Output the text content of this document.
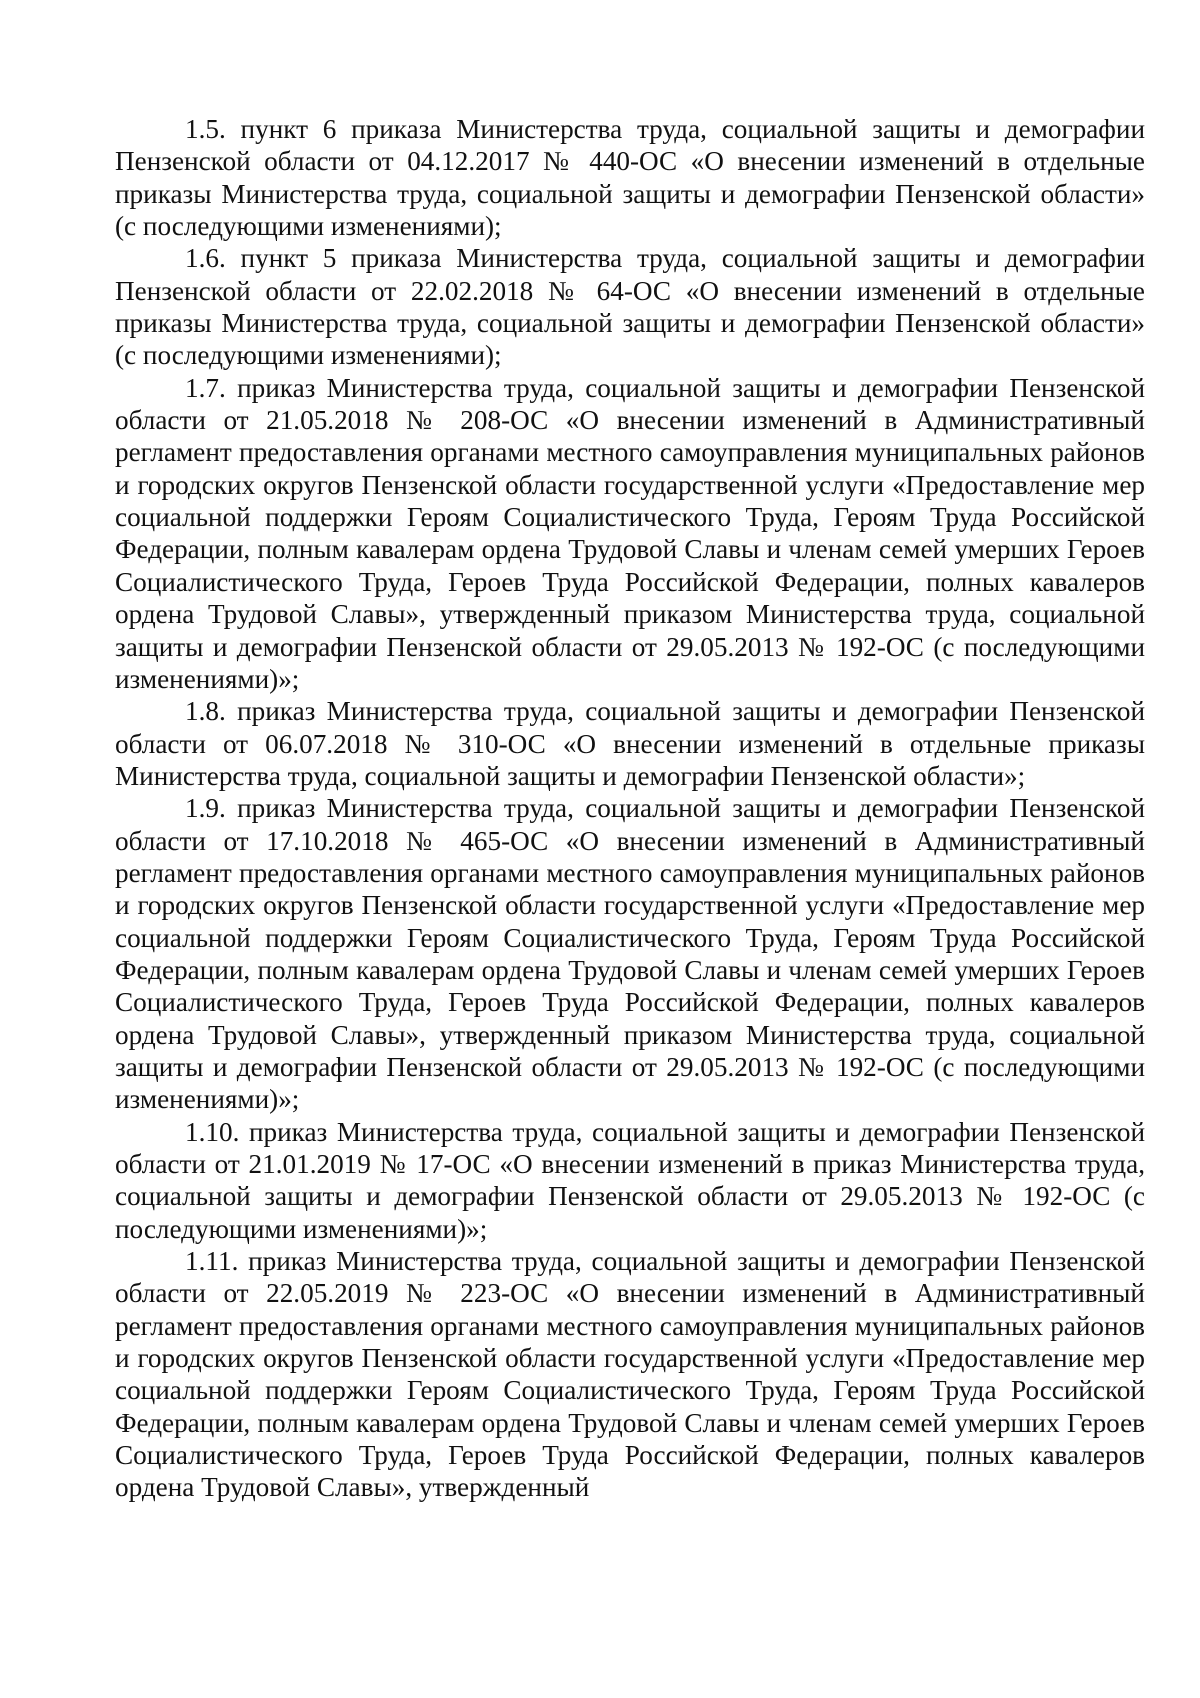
1.5. пункт 6 приказа Министерства труда, социальной защиты и демографии Пензенской области от 04.12.2017 № 440-ОС «О внесении изменений в отдельные приказы Министерства труда, социальной защиты и демографии Пензенской области» (с последующими изменениями);

1.6. пункт 5 приказа Министерства труда, социальной защиты и демографии Пензенской области от 22.02.2018 № 64-ОС «О внесении изменений в отдельные приказы Министерства труда, социальной защиты и демографии Пензенской области» (с последующими изменениями);

1.7. приказ Министерства труда, социальной защиты и демографии Пензенской области от 21.05.2018 № 208-ОС «О внесении изменений в Административный регламент предоставления органами местного самоуправления муниципальных районов и городских округов Пензенской области государственной услуги «Предоставление мер социальной поддержки Героям Социалистического Труда, Героям Труда Российской Федерации, полным кавалерам ордена Трудовой Славы и членам семей умерших Героев Социалистического Труда, Героев Труда Российской Федерации, полных кавалеров ордена Трудовой Славы», утвержденный приказом Министерства труда, социальной защиты и демографии Пензенской области от 29.05.2013 № 192-ОС (с последующими изменениями)»;

1.8. приказ Министерства труда, социальной защиты и демографии Пензенской области от 06.07.2018 № 310-ОС «О внесении изменений в отдельные приказы Министерства труда, социальной защиты и демографии Пензенской области»;

1.9. приказ Министерства труда, социальной защиты и демографии Пензенской области от 17.10.2018 № 465-ОС «О внесении изменений в Административный регламент предоставления органами местного самоуправления муниципальных районов и городских округов Пензенской области государственной услуги «Предоставление мер социальной поддержки Героям Социалистического Труда, Героям Труда Российской Федерации, полным кавалерам ордена Трудовой Славы и членам семей умерших Героев Социалистического Труда, Героев Труда Российской Федерации, полных кавалеров ордена Трудовой Славы», утвержденный приказом Министерства труда, социальной защиты и демографии Пензенской области от 29.05.2013 № 192-ОС (с последующими изменениями)»;

1.10. приказ Министерства труда, социальной защиты и демографии Пензенской области от 21.01.2019 № 17-ОС «О внесении изменений в приказ Министерства труда, социальной защиты и демографии Пензенской области от 29.05.2013 № 192-ОС (с последующими изменениями)»;

1.11. приказ Министерства труда, социальной защиты и демографии Пензенской области от 22.05.2019 № 223-ОС «О внесении изменений в Административный регламент предоставления органами местного самоуправления муниципальных районов и городских округов Пензенской области государственной услуги «Предоставление мер социальной поддержки Героям Социалистического Труда, Героям Труда Российской Федерации, полным кавалерам ордена Трудовой Славы и членам семей умерших Героев Социалистического Труда, Героев Труда Российской Федерации, полных кавалеров ордена Трудовой Славы», утвержденный
